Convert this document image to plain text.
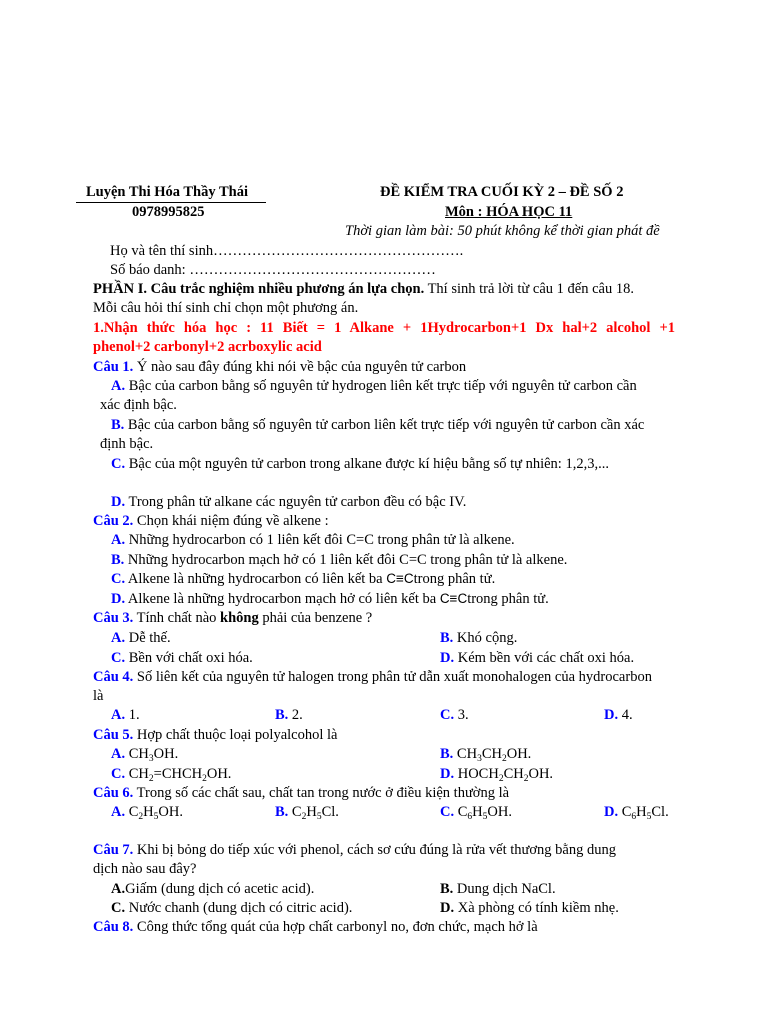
Luyện Thi Hóa Thầy Thái
0978995825
ĐỀ KIỂM TRA CUỐI KỲ 2 – ĐỀ SỐ 2
Môn : HÓA HỌC 11
Thời gian làm bài: 50 phút không kể thời gian phát đề
Họ và tên thí sinh…………………………………………….
Số báo danh: ……………………………………………
PHẦN I. Câu trắc nghiệm nhiều phương án lựa chọn. Thí sinh trả lời từ câu 1 đến câu 18.
Mỗi câu hỏi thí sinh chỉ chọn một phương án.
1.Nhận thức hóa học : 11 Biết = 1 Alkane + 1Hydrocarbon+1 Dx hal+2 alcohol +1
phenol+2 carbonyl+2 acrboxylic acid
Câu 1. Ý nào sau đây đúng khi nói về bậc của nguyên tử carbon
A. Bậc của carbon bằng số nguyên tử hydrogen liên kết trực tiếp với nguyên tử carbon cần
xác định bậc.
B. Bậc của carbon bằng số nguyên tử carbon liên kết trực tiếp với nguyên tử carbon cần xác
định bậc.
C. Bậc của một nguyên tử carbon trong alkane được kí hiệu bằng số tự nhiên: 1,2,3,...
D. Trong phân tử alkane các nguyên tử carbon đều có bậc IV.
Câu 2. Chọn khái niệm đúng về alkene :
A. Những hydrocarbon có 1 liên kết đôi C=C trong phân tử là alkene.
B. Những hydrocarbon mạch hở có 1 liên kết đôi C=C trong phân tử là alkene.
C. Alkene là những hydrocarbon có liên kết ba C≡Ctrong phân tử.
D. Alkene là những hydrocarbon mạch hở có liên kết ba C≡Ctrong phân tử.
Câu 3. Tính chất nào không phải của benzene ?
A. Dễ thế.	B. Khó cộng.
C. Bền với chất oxi hóa.	D. Kém bền với các chất oxi hóa.
Câu 4. Số liên kết của nguyên tử halogen trong phân tử dẫn xuất monohalogen của hydrocarbon
là
A. 1.	B. 2.	C. 3.	D. 4.
Câu 5. Hợp chất thuộc loại polyalcohol là
A. $CH_3OH$.	B. $CH_3CH_2OH$.
C. $CH_2=CHCH_2OH$.	D. $HOCH_2CH_2OH$.
Câu 6. Trong số các chất sau, chất tan trong nước ở điều kiện thường là
A. $C_2H_5OH$.	B. $C_2H_5Cl$.	C. $C_6H_5OH$.	D. $C_6H_5Cl$.
Câu 7. Khi bị bỏng do tiếp xúc với phenol, cách sơ cứu đúng là rửa vết thương bằng dung
dịch nào sau đây?
A.Giấm (dung dịch có acetic acid).	B. Dung dịch NaCl.
C. Nước chanh (dung dịch có citric acid).	D. Xà phòng có tính kiềm nhẹ.
Câu 8. Công thức tổng quát của hợp chất carbonyl no, đơn chức, mạch hở là
